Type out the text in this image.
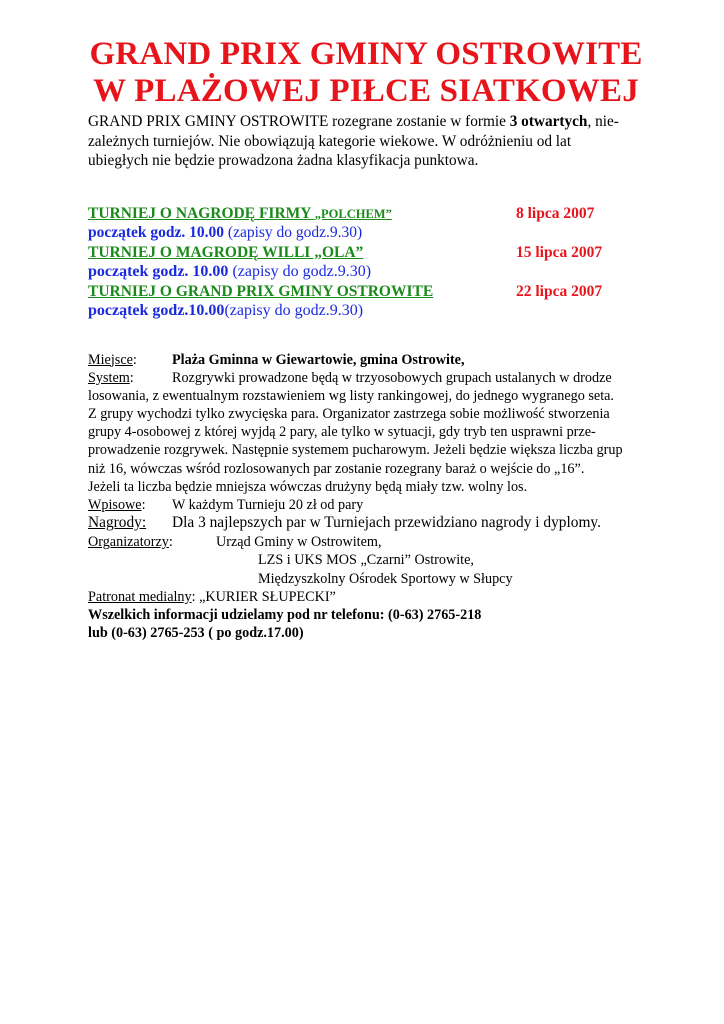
GRAND PRIX GMINY OSTROWITE
W PLAŻOWEJ PIŁCE SIATKOWEJ
GRAND PRIX GMINY OSTROWITE rozegrane zostanie w formie 3 otwartych, nie-
zależnych turniejów. Nie obowiązują kategorie wiekowe. W odróżnieniu od lat
ubiegłych nie będzie prowadzona żadna klasyfikacja punktowa.
TURNIEJ O NAGRODĘ FIRMY „POLCHEM”	8 lipca 2007
początek godz. 10.00 (zapisy do godz.9.30)
TURNIEJ O MAGRODĘ WILLI „OLA”	15 lipca 2007
początek godz. 10.00 (zapisy do godz.9.30)
TURNIEJ O GRAND PRIX GMINY OSTROWITE	22 lipca 2007
początek godz.10.00(zapisy do godz.9.30)
Miejsce: Plaża Gminna w Giewartowie, gmina Ostrowite,
System:	Rozgrywki prowadzone będą w trzyosobowych grupach ustalanych w drodze
losowania, z ewentualnym rozstawieniem wg listy rankingowej, do jednego wygranego seta.
Z grupy wychodzi tylko zwycięska para. Organizator zastrzega sobie możliwość stworzenia
grupy 4-osobowej z której wyjdą 2 pary, ale tylko w sytuacji, gdy tryb ten usprawni prze-
prowadzenie rozgrywek. Następnie systemem pucharowym. Jeżeli będzie większa liczba grup
niż 16, wówczas wśród rozlosowanych par zostanie rozegrany baraż o wejście do „16”.
Jeżeli ta liczba będzie mniejsza wówczas drużyny będą miały tzw. wolny los.
Wpisowe: W każdym Turnieju 20 zł od pary
Nagrody: Dla 3 najlepszych par w Turniejach przewidziano nagrody i dyplomy.
Organizatorzy:	Urząd Gminy w Ostrowitem,
LZS i UKS MOS „Czarni” Ostrowite,
Międzyszkolny Ośrodek Sportowy w Słupcy
Patronat medialny: „KURIER SŁUPECKI”
Wszelkich informacji udzielamy pod nr telefonu: (0-63) 2765-218
lub (0-63) 2765-253 ( po godz.17.00)
